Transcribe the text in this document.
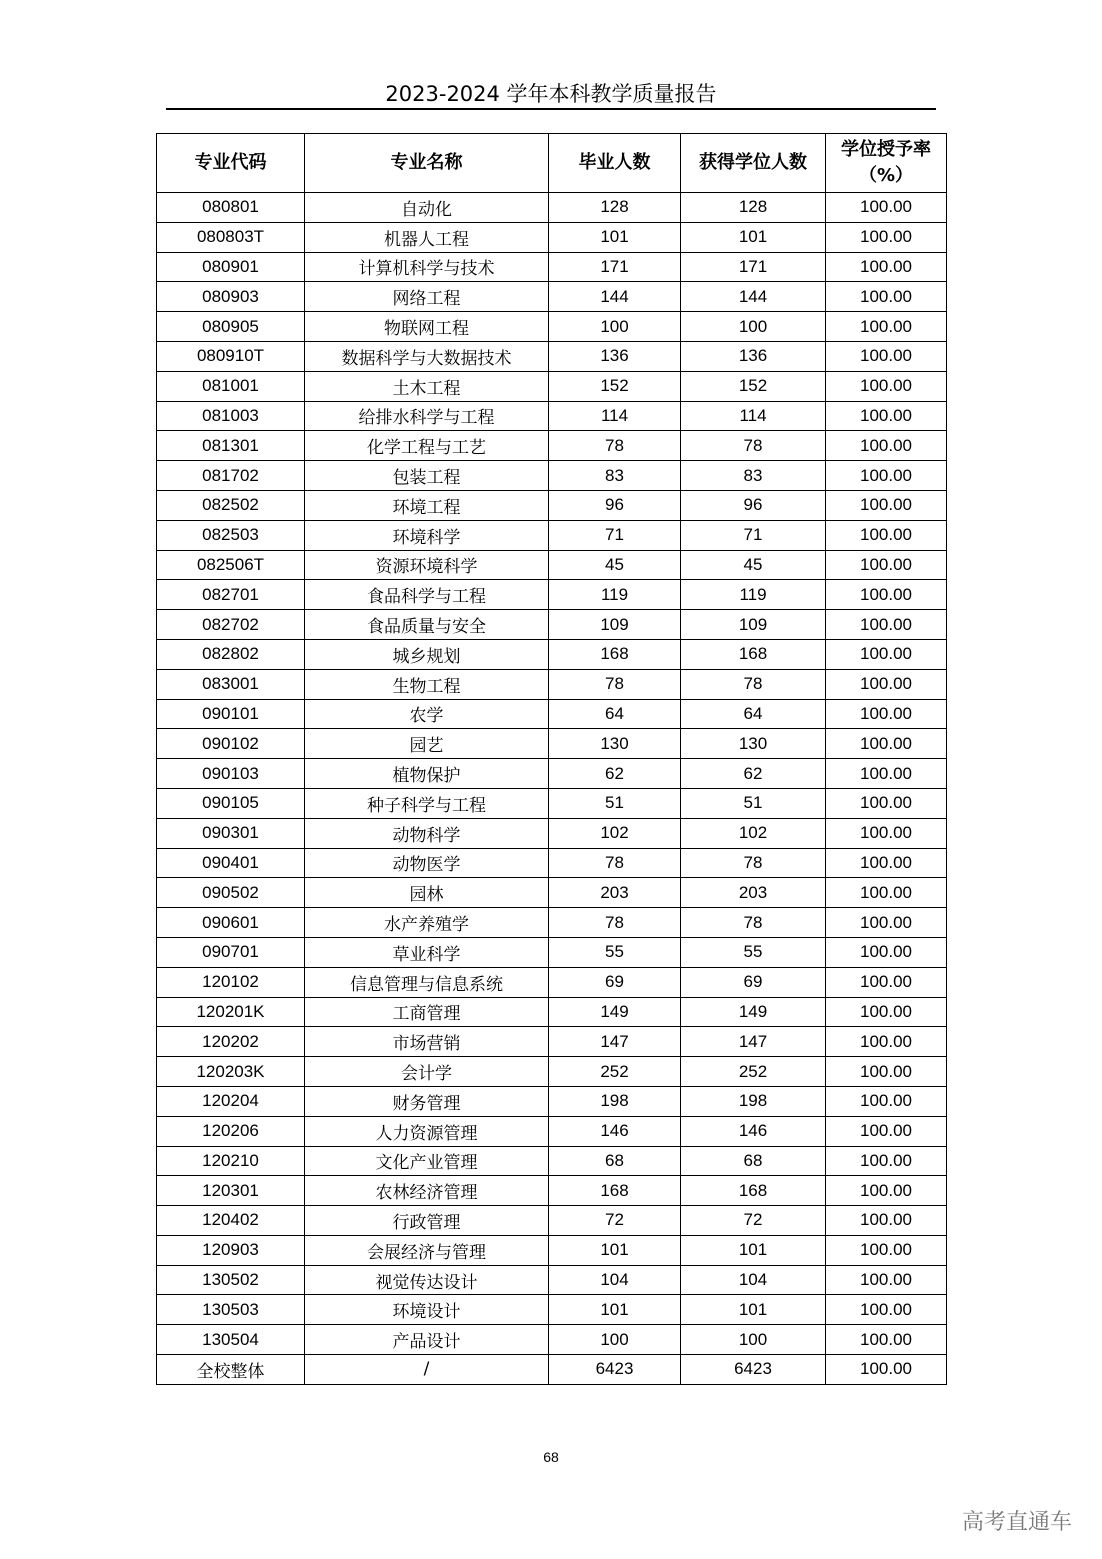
2023-2024 学年本科教学质量报告
专业代码	专业名称	毕业人数	获得学位人数	学位授予率（%）
080801	自动化	128	128	100.00
080803T	机器人工程	101	101	100.00
080901	计算机科学与技术	171	171	100.00
080903	网络工程	144	144	100.00
080905	物联网工程	100	100	100.00
080910T	数据科学与大数据技术	136	136	100.00
081001	土木工程	152	152	100.00
081003	给排水科学与工程	114	114	100.00
081301	化学工程与工艺	78	78	100.00
081702	包装工程	83	83	100.00
082502	环境工程	96	96	100.00
082503	环境科学	71	71	100.00
082506T	资源环境科学	45	45	100.00
082701	食品科学与工程	119	119	100.00
082702	食品质量与安全	109	109	100.00
082802	城乡规划	168	168	100.00
083001	生物工程	78	78	100.00
090101	农学	64	64	100.00
090102	园艺	130	130	100.00
090103	植物保护	62	62	100.00
090105	种子科学与工程	51	51	100.00
090301	动物科学	102	102	100.00
090401	动物医学	78	78	100.00
090502	园林	203	203	100.00
090601	水产养殖学	78	78	100.00
090701	草业科学	55	55	100.00
120102	信息管理与信息系统	69	69	100.00
120201K	工商管理	149	149	100.00
120202	市场营销	147	147	100.00
120203K	会计学	252	252	100.00
120204	财务管理	198	198	100.00
120206	人力资源管理	146	146	100.00
120210	文化产业管理	68	68	100.00
120301	农林经济管理	168	168	100.00
120402	行政管理	72	72	100.00
120903	会展经济与管理	101	101	100.00
130502	视觉传达设计	104	104	100.00
130503	环境设计	101	101	100.00
130504	产品设计	100	100	100.00
全校整体	/	6423	6423	100.00
68
高考直通车
